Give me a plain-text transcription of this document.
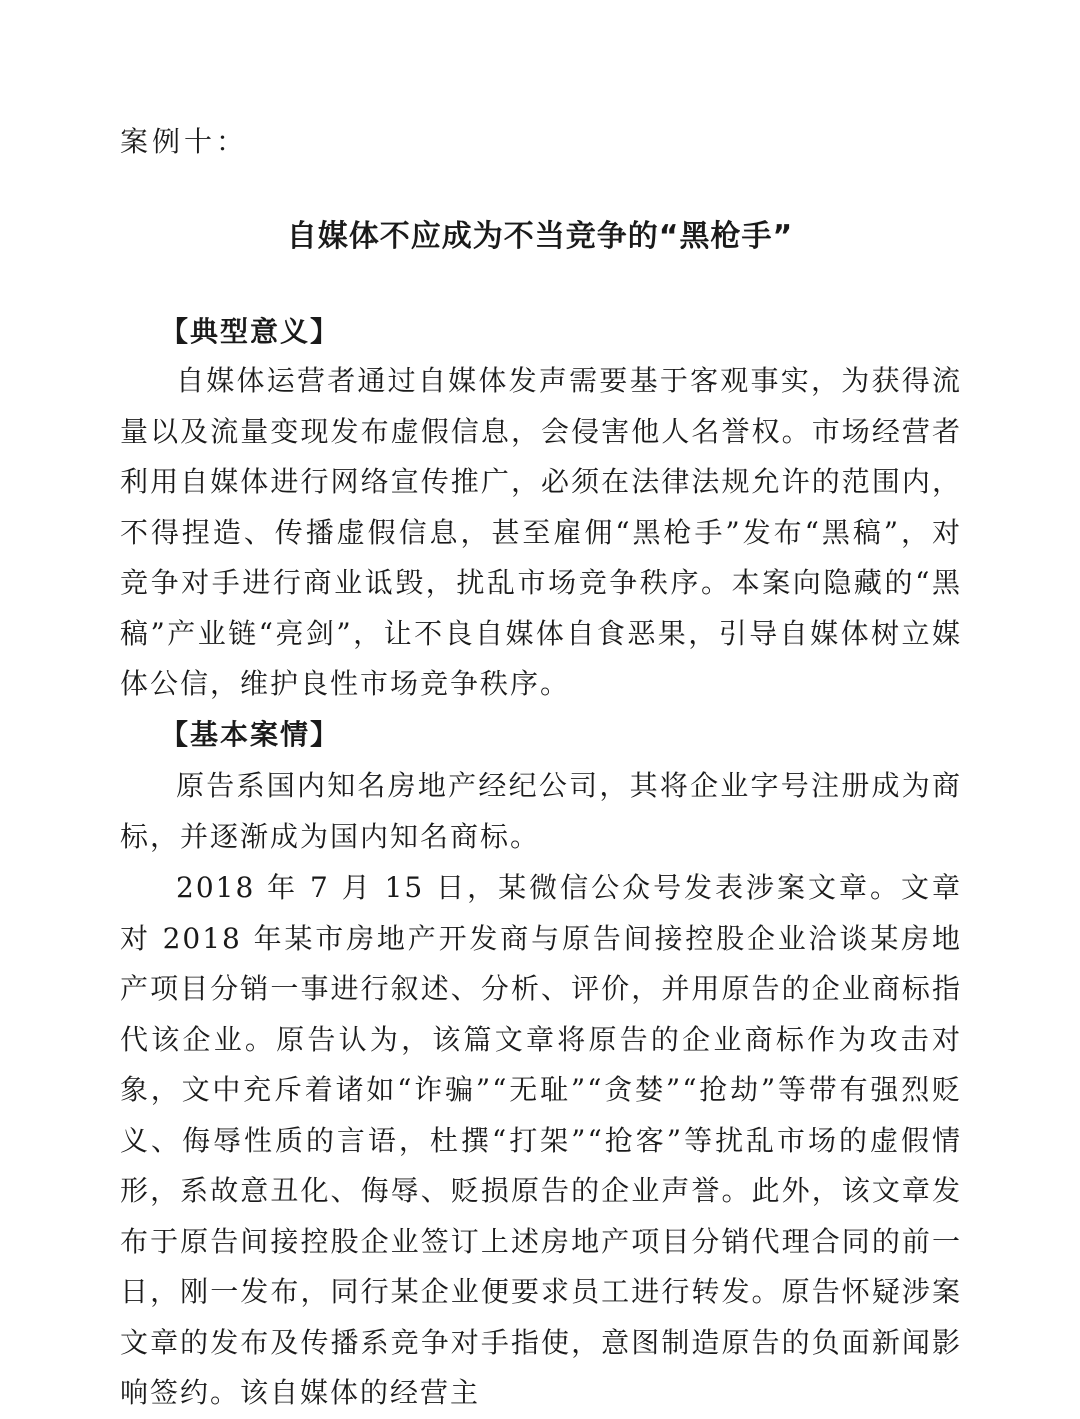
案例十：
自媒体不应成为不当竞争的“黑枪手”
【典型意义】

自媒体运营者通过自媒体发声需要基于客观事实，为获得流量以及流量变现发布虚假信息，会侵害他人名誉权。市场经营者利用自媒体进行网络宣传推广，必须在法律法规允许的范围内，不得捏造、传播虚假信息，甚至雇佣“黑枪手”发布“黑稿”，对竞争对手进行商业诋毁，扰乱市场竞争秩序。本案向隐藏的“黑稿”产业链“亮剑”，让不良自媒体自食恶果，引导自媒体树立媒体公信，维护良性市场竞争秩序。

【基本案情】

原告系国内知名房地产经纪公司，其将企业字号注册成为商标，并逐渐成为国内知名商标。

2018 年 7 月 15 日，某微信公众号发表涉案文章。文章对 2018 年某市房地产开发商与原告间接控股企业洽谈某房地产项目分销一事进行叙述、分析、评价，并用原告的企业商标指代该企业。原告认为，该篇文章将原告的企业商标作为攻击对象，文中充斥着诸如“诈骗”“无耻”“贪婪”“抢劫”等带有强烈贬义、侮辱性质的言语，杜撰“打架”“抢客”等扰乱市场的虚假情形，系故意丑化、侮辱、贬损原告的企业声誉。此外，该文章发布于原告间接控股企业签订上述房地产项目分销代理合同的前一日，刚一发布，同行某企业便要求员工进行转发。原告怀疑涉案文章的发布及传播系竞争对手指使，意图制造原告的负面新闻影响签约。该自媒体的经营主
